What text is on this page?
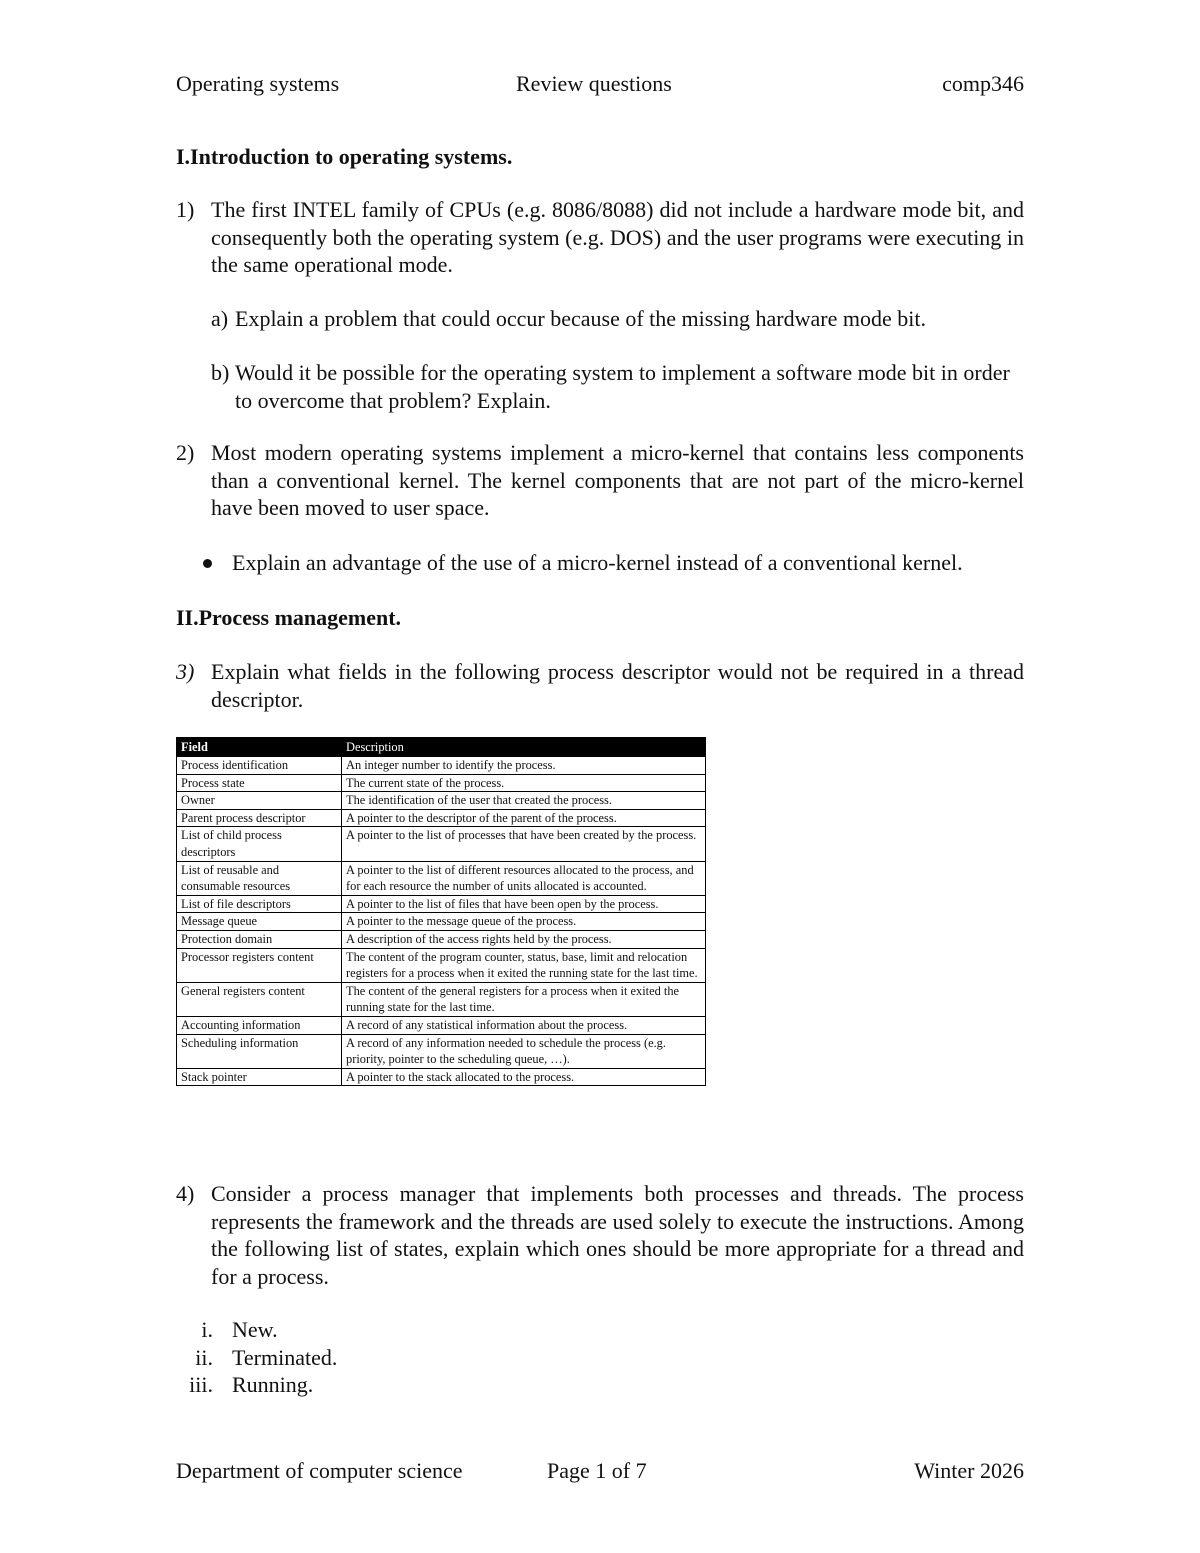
Operating systems	Review questions	comp346
I.Introduction to operating systems.
1) The first INTEL family of CPUs (e.g. 8086/8088) did not include a hardware mode bit, and consequently both the operating system (e.g. DOS) and the user programs were executing in the same operational mode.
a) Explain a problem that could occur because of the missing hardware mode bit.
b) Would it be possible for the operating system to implement a software mode bit in order to overcome that problem? Explain.
2) Most modern operating systems implement a micro-kernel that contains less components than a conventional kernel. The kernel components that are not part of the micro-kernel have been moved to user space.
Explain an advantage of the use of a micro-kernel instead of a conventional kernel.
II.Process management.
3) Explain what fields in the following process descriptor would not be required in a thread descriptor.
Field	Description
Process identification	An integer number to identify the process.
Process state	The current state of the process.
Owner	The identification of the user that created the process.
Parent process descriptor	A pointer to the descriptor of the parent of the process.
List of child process descriptors	A pointer to the list of processes that have been created by the process.
List of reusable and consumable resources	A pointer to the list of different resources allocated to the process, and for each resource the number of units allocated is accounted.
List of file descriptors	A pointer to the list of files that have been open by the process.
Message queue	A pointer to the message queue of the process.
Protection domain	A description of the access rights held by the process.
Processor registers content	The content of the program counter, status, base, limit and relocation registers for a process when it exited the running state for the last time.
General registers content	The content of the general registers for a process when it exited the running state for the last time.
Accounting information	A record of any statistical information about the process.
Scheduling information	A record of any information needed to schedule the process (e.g. priority, pointer to the scheduling queue, …).
Stack pointer	A pointer to the stack allocated to the process.
4) Consider a process manager that implements both processes and threads. The process represents the framework and the threads are used solely to execute the instructions. Among the following list of states, explain which ones should be more appropriate for a thread and for a process.
i. New.
ii. Terminated.
iii. Running.
Department of computer science	Page 1 of 7	Winter 2026
